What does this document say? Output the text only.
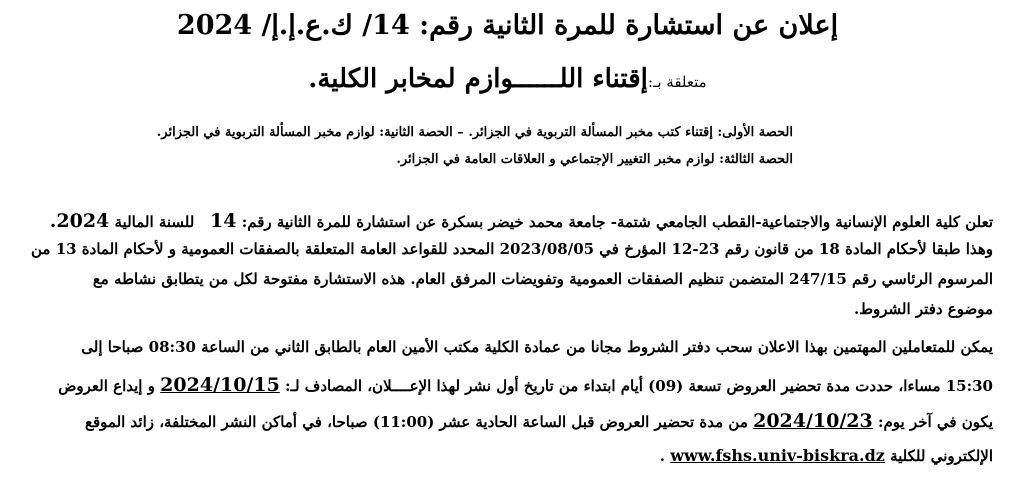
إعلان عن استشارة للمرة الثانية رقم: 14/ ك.ع.إ.إ/ 2024
متعلقة بـ:إقتناء اللــــــوازم لمخابر الكلية.
الحصة الأولى: إقتناء كتب مخبر المسألة التربوية في الجزائر. – الحصة الثانية: لوازم مخبر المسألة التربوية في الجزائر.
الحصة الثالثة: لوازم مخبر التغيير الإجتماعي و العلاقات العامة في الجزائر.
تعلن كلية العلوم الإنسانية والاجتماعية-القطب الجامعي شتمة- جامعة محمد خيضر بسكرة عن استشارة للمرة الثانية رقم: 14   للسنة المالية 2024.
وهذا طبقا لأحكام المادة 18 من قانون رقم 23-12 المؤرخ في 2023/08/05 المحدد للقواعد العامة المتعلقة بالصفقات العمومية و لأحكام المادة 13 من
المرسوم الرئاسي رقم 247/15 المتضمن تنظيم الصفقات العمومية وتفويضات المرفق العام. هذه الاستشارة مفتوحة لكل من يتطابق نشاطه مع
موضوع دفتر الشروط.
يمكن للمتعاملين المهتمين بهذا الاعلان سحب دفتر الشروط مجانا من عمادة الكلية مكتب الأمين العام بالطابق الثاني من الساعة 08:30 صباحا إلى
15:30 مساءا، حددت مدة تحضير العروض تسعة (09) أيام ابتداء من تاريخ أول نشر لهذا الإعــــلان، المصادف لـ: 2024/10/15 و إيداع العروض
يكون في آخر يوم: 2024/10/23 من مدة تحضير العروض قبل الساعة الحادية عشر (11:00) صباحا، في أماكن النشر المختلفة، زائد الموقع
الإلكتروني للكلية www.fshs.univ-biskra.dz .
